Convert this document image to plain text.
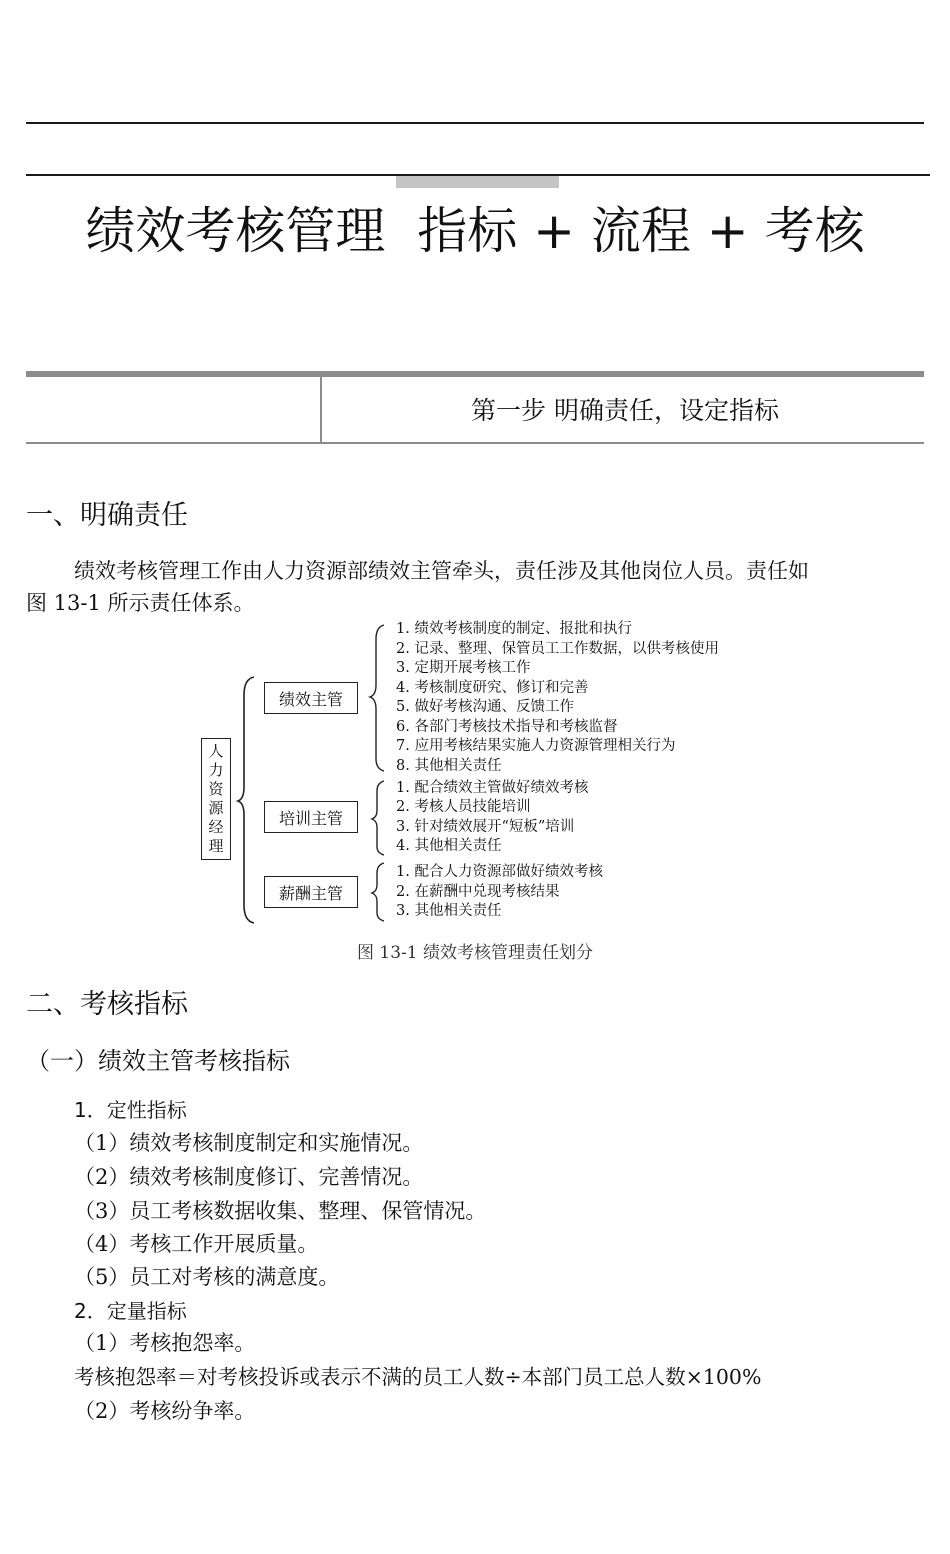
绩效考核管理  指标 + 流程 + 考核
第一步 明确责任，设定指标
一、明确责任
绩效考核管理工作由人力资源部绩效主管牵头，责任涉及其他岗位人员。责任如
图 13-1 所示责任体系。
人
力
资
源
经
理
绩效主管
培训主管
薪酬主管
1. 绩效考核制度的制定、报批和执行
2. 记录、整理、保管员工工作数据，以供考核使用
3. 定期开展考核工作
4. 考核制度研究、修订和完善
5. 做好考核沟通、反馈工作
6. 各部门考核技术指导和考核监督
7. 应用考核结果实施人力资源管理相关行为
8. 其他相关责任
1. 配合绩效主管做好绩效考核
2. 考核人员技能培训
3. 针对绩效展开“短板”培训
4. 其他相关责任
1. 配合人力资源部做好绩效考核
2. 在薪酬中兑现考核结果
3. 其他相关责任
图 13-1 绩效考核管理责任划分
二、考核指标
（一）绩效主管考核指标
1．定性指标
（1）绩效考核制度制定和实施情况。
（2）绩效考核制度修订、完善情况。
（3）员工考核数据收集、整理、保管情况。
（4）考核工作开展质量。
（5）员工对考核的满意度。
2．定量指标
（1）考核抱怨率。
考核抱怨率＝对考核投诉或表示不满的员工人数÷本部门员工总人数×100%
（2）考核纷争率。
